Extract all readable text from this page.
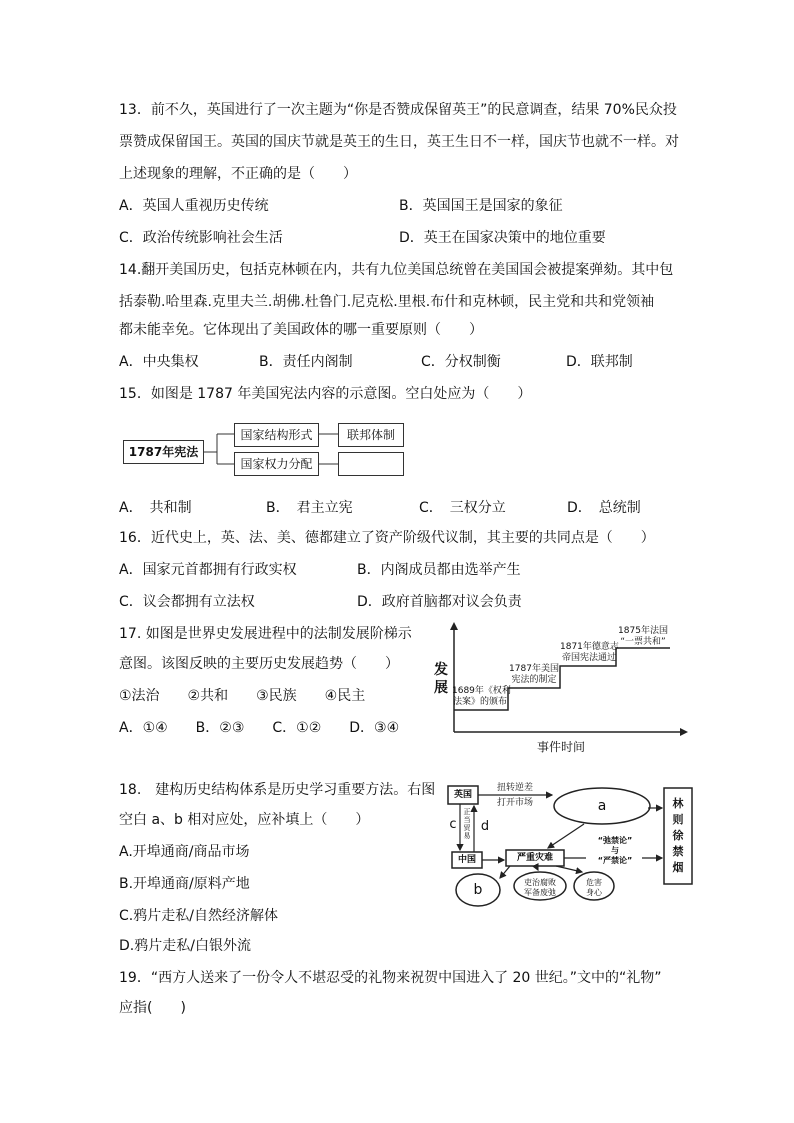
13．前不久，英国进行了一次主题为“你是否赞成保留英王”的民意调查，结果 70%民众投
票赞成保留国王。英国的国庆节就是英王的生日，英王生日不一样，国庆节也就不一样。对
上述现象的理解，不正确的是（　　）
A．英国人重视历史传统	B．英国国王是国家的象征
C．政治传统影响社会生活	D．英王在国家决策中的地位重要
14.翻开美国历史，包括克林顿在内，共有九位美国总统曾在美国国会被提案弹劾。其中包
括泰勒.哈里森.克里夫兰.胡佛.杜鲁门.尼克松.里根.布什和克林顿，民主党和共和党领袖
都未能幸免。它体现出了美国政体的哪一重要原则（　　）
A．中央集权	B．责任内阁制	C．分权制衡	D．联邦制
15．如图是 1787 年美国宪法内容的示意图。空白处应为（　　）
1787年宪法
国家结构形式
国家权力分配
联邦体制
A．　共和制	B．　君主立宪	C．　三权分立	D．　总统制
16．近代史上，英、法、美、德都建立了资产阶级代议制，其主要的共同点是（　　）
A．国家元首都拥有行政实权	B．内阁成员都由选举产生
C．议会都拥有立法权	D．政府首脑都对议会负责
17. 如图是世界史发展进程中的法制发展阶梯示
意图。该图反映的主要历史发展趋势（　　）
①法治　　②共和　　③民族　　④民主
A．①④　　B．②③　　C．①②　　D．③④
发
展
事件时间
1689年《权利
法案》的颁布
1787年美国
宪法的制定
1871年德意志
帝国宪法通过
1875年法国
“一票共和”
18.　建构历史结构体系是历史学习重要方法。右图
空白 a、b 相对应处，应补填上（　　）
A.开埠通商/商品市场
B.开埠通商/原料产地
C.鸦片走私/自然经济解体
D.鸦片走私/白银外流
英国
中国	严重灾难
扭转逆差
打开市场	a
b
c d
正当贸易
吏治腐败
军备废弛
危害
身心
“弛禁论”
与
“严禁论”
林则徐禁烟
19．“西方人送来了一份令人不堪忍受的礼物来祝贺中国进入了 20 世纪。”文中的“礼物”
应指(　　)
